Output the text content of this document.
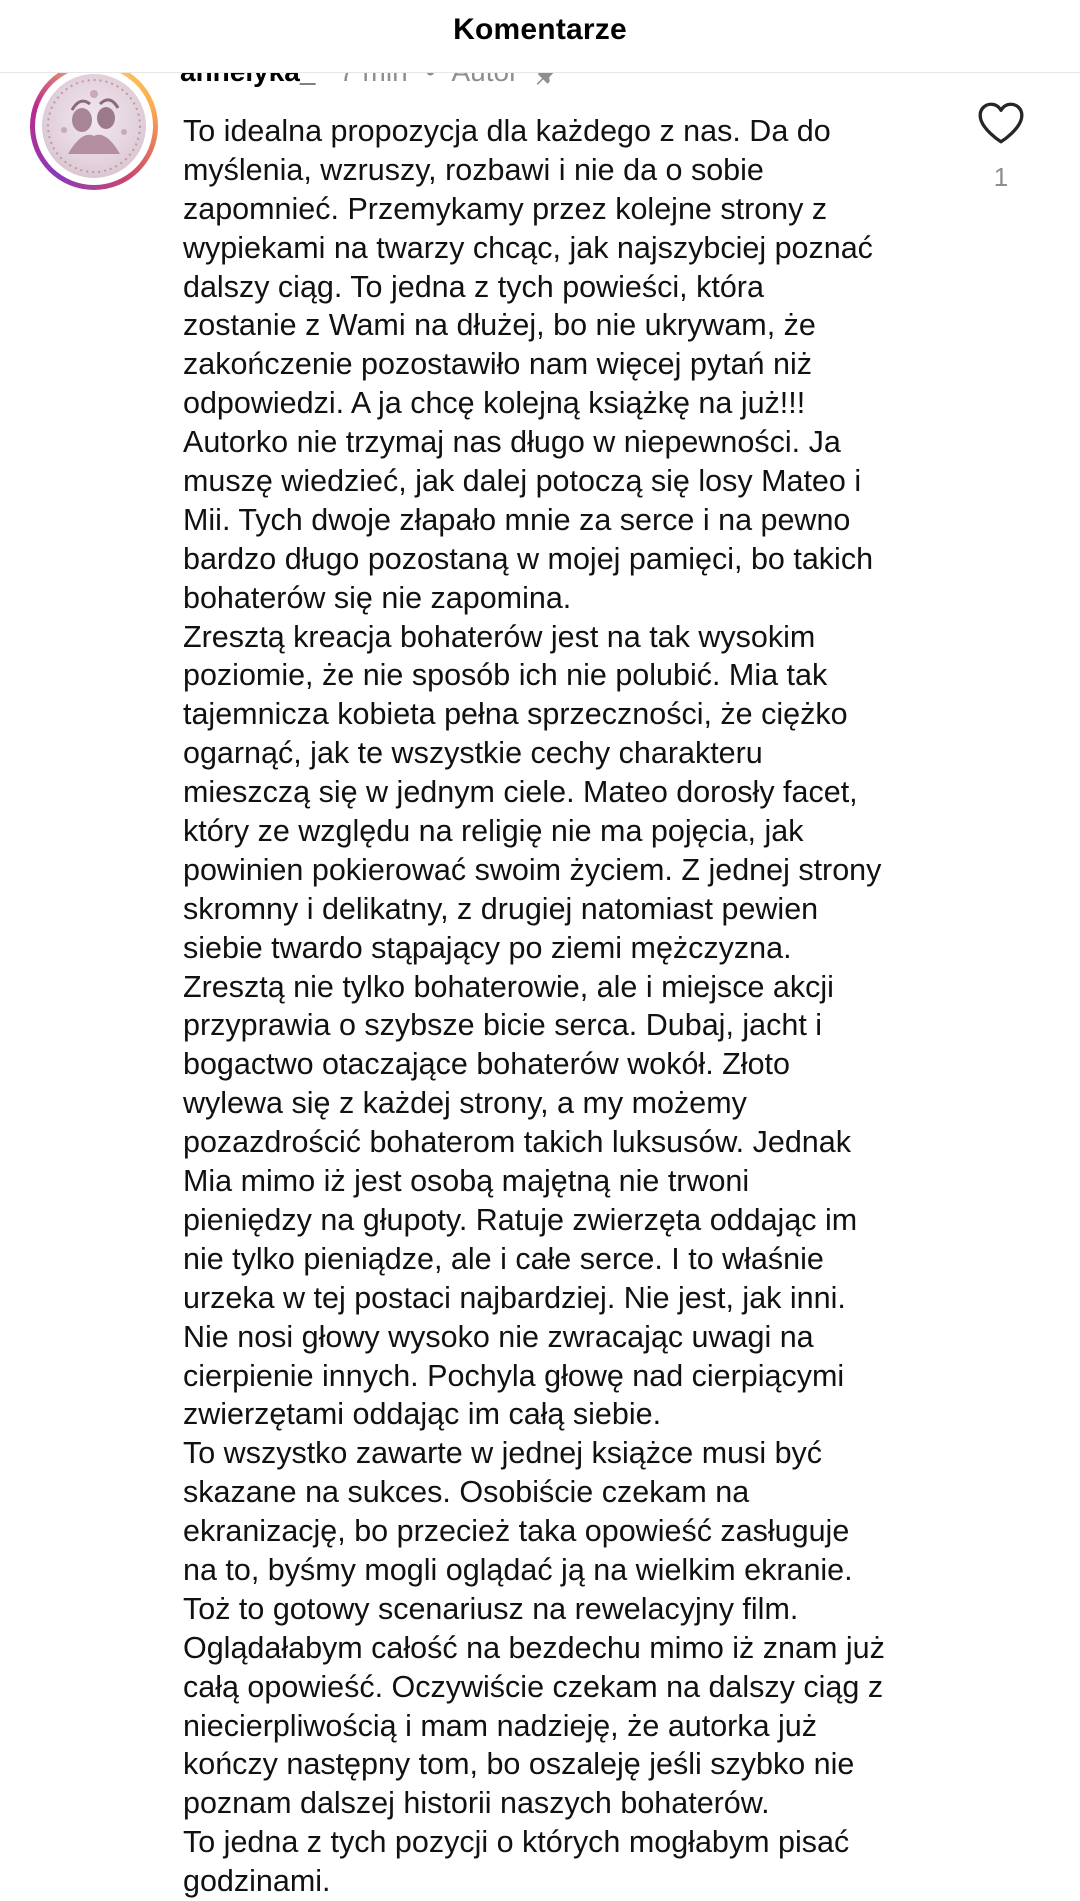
Komentarze
To idealna propozycja dla każdego z nas. Da do
myślenia, wzruszy, rozbawi i nie da o sobie
zapomnieć. Przemykamy przez kolejne strony z
wypiekami na twarzy chcąc, jak najszybciej poznać
dalszy ciąg. To jedna z tych powieści, która
zostanie z Wami na dłużej, bo nie ukrywam, że
zakończenie pozostawiło nam więcej pytań niż
odpowiedzi. A ja chcę kolejną książkę na już!!!
Autorko nie trzymaj nas długo w niepewności. Ja
muszę wiedzieć, jak dalej potoczą się losy Mateo i
Mii. Tych dwoje złapało mnie za serce i na pewno
bardzo długo pozostaną w mojej pamięci, bo takich
bohaterów się nie zapomina.
Zresztą kreacja bohaterów jest na tak wysokim
poziomie, że nie sposób ich nie polubić. Mia tak
tajemnicza kobieta pełna sprzeczności, że ciężko
ogarnąć, jak te wszystkie cechy charakteru
mieszczą się w jednym ciele. Mateo dorosły facet,
który ze względu na religię nie ma pojęcia, jak
powinien pokierować swoim życiem. Z jednej strony
skromny i delikatny, z drugiej natomiast pewien
siebie twardo stąpający po ziemi mężczyzna.
Zresztą nie tylko bohaterowie, ale i miejsce akcji
przyprawia o szybsze bicie serca. Dubaj, jacht i
bogactwo otaczające bohaterów wokół. Złoto
wylewa się z każdej strony, a my możemy
pozazdrościć bohaterom takich luksusów. Jednak
Mia mimo iż jest osobą majętną nie trwoni
pieniędzy na głupoty. Ratuje zwierzęta oddając im
nie tylko pieniądze, ale i całe serce. I to właśnie
urzeka w tej postaci najbardziej. Nie jest, jak inni.
Nie nosi głowy wysoko nie zwracając uwagi na
cierpienie innych. Pochyla głowę nad cierpiącymi
zwierzętami oddając im całą siebie.
To wszystko zawarte w jednej książce musi być
skazane na sukces. Osobiście czekam na
ekranizację, bo przecież taka opowieść zasługuje
na to, byśmy mogli oglądać ją na wielkim ekranie.
Toż to gotowy scenariusz na rewelacyjny film.
Oglądałabym całość na bezdechu mimo iż znam już
całą opowieść. Oczywiście czekam na dalszy ciąg z
niecierpliwością i mam nadzieję, że autorka już
kończy następny tom, bo oszaleję jeśli szybko nie
poznam dalszej historii naszych bohaterów.
To jedna z tych pozycji o których mogłabym pisać
godzinami.
1
